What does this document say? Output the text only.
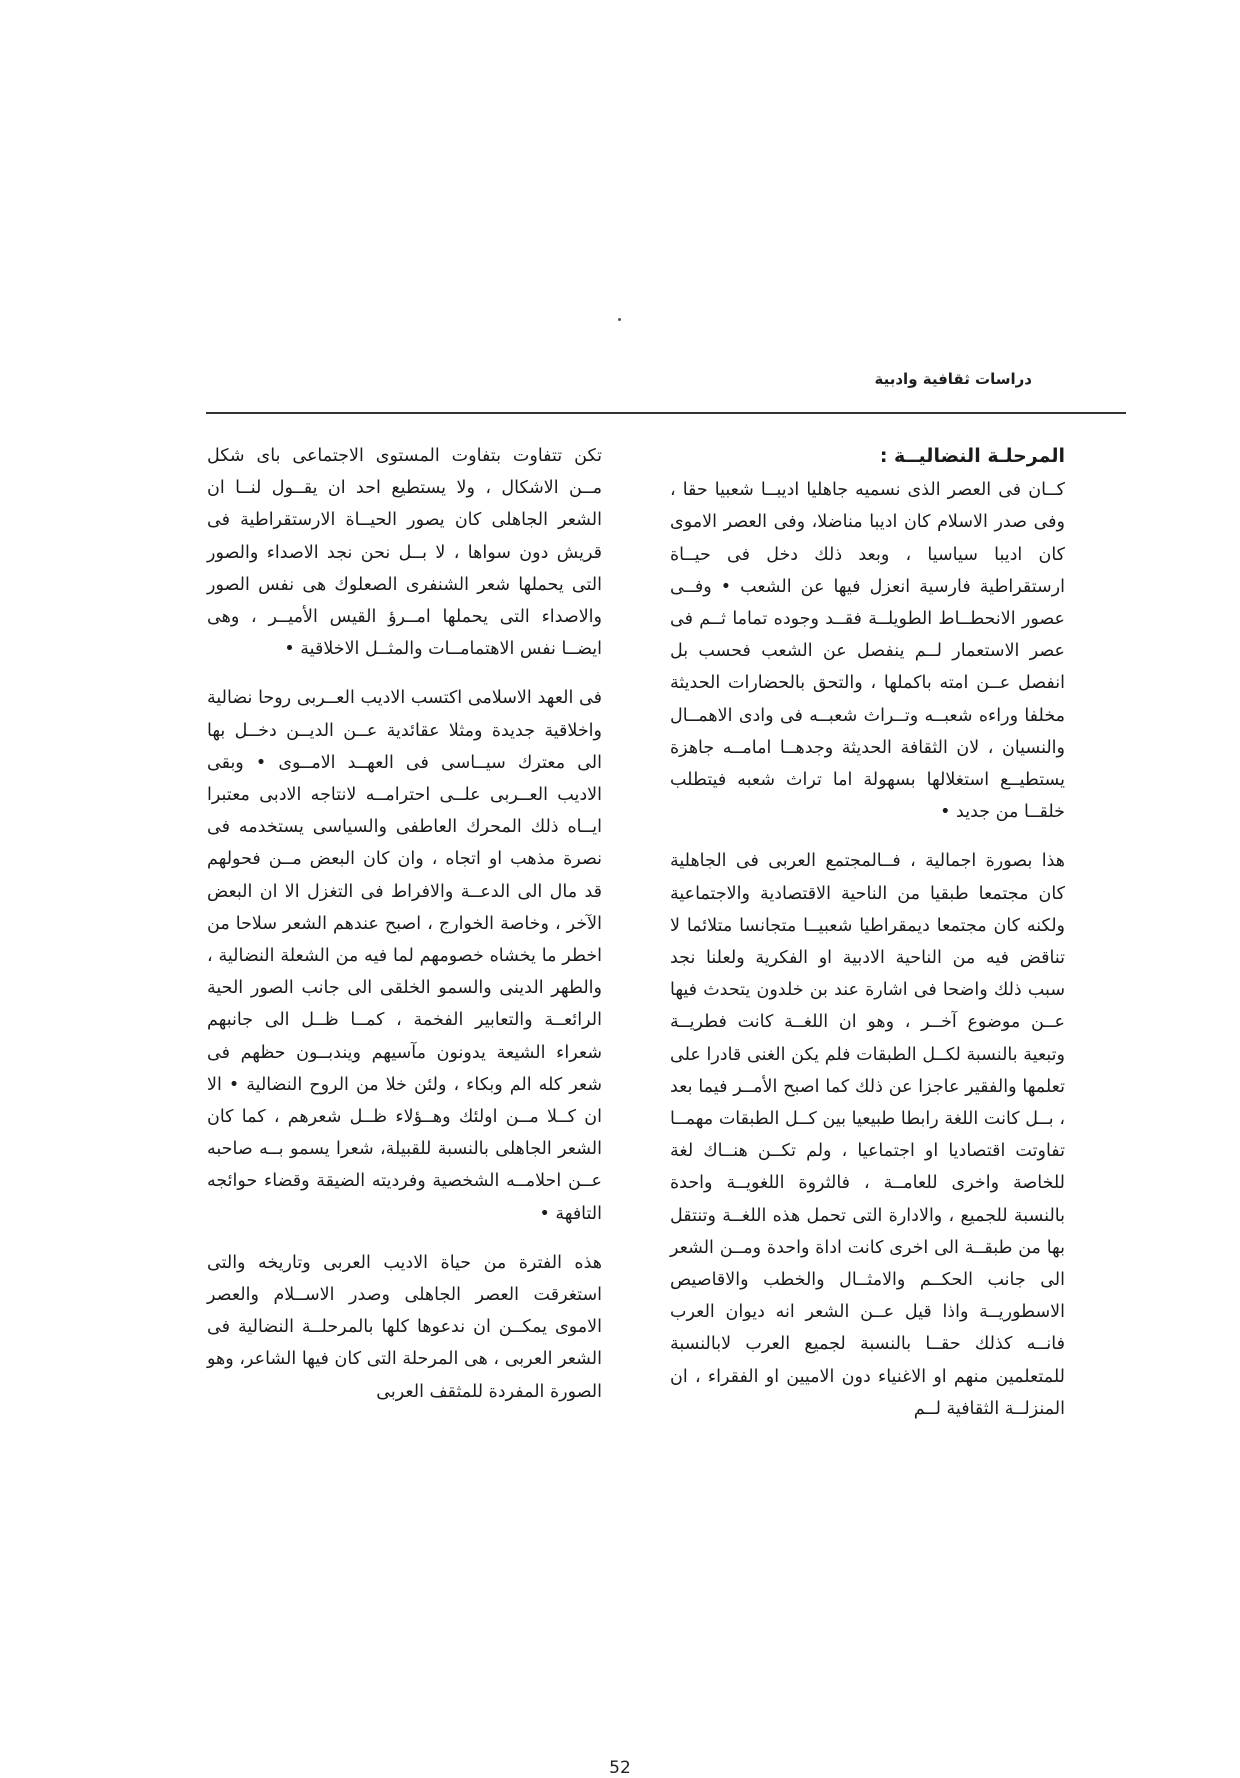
دراسات ثقافية وادبية
المرحلـة النضاليــة :

كــان فى العصر الذى نسميه جاهليا اديبــا شعبيا حقا ، وفى صدر الاسلام كان اديبا مناضلا، وفى العصر الاموى كان اديبا سياسيا ، وبعد ذلك دخل فى حيــاة ارستقراطية فارسية انعزل فيها عن الشعب • وفــى عصور الانحطــاط الطويلــة فقــد وجوده تماما ثــم فى عصر الاستعمار لــم ينفصل عن الشعب فحسب بل انفصل عــن امته باكملها ، والتحق بالحضارات الحديثة مخلفا وراءه شعبــه وتــراث شعبــه فى وادى الاهمــال والنسيان ، لان الثقافة الحديثة وجدهــا امامــه جاهزة يستطيــع استغلالها بسهولة اما تراث شعبه فيتطلب خلقــا من جديد •

هذا بصورة اجمالية ، فــالمجتمع العربى فى الجاهلية كان مجتمعا طبقيا من الناحية الاقتصادية والاجتماعية ولكنه كان مجتمعا ديمقراطيا شعبيــا متجانسا متلائما لا تناقض فيه من الناحية الادبية او الفكرية ولعلنا نجد سبب ذلك واضحا فى اشارة عند بن خلدون يتحدث فيها عــن موضوع آخــر ، وهو ان اللغــة كانت فطريــة وتبعية بالنسبة لكــل الطبقات فلم يكن الغنى قادرا على تعلمها والفقير عاجزا عن ذلك كما اصبح الأمــر فيما بعد ، بــل كانت اللغة رابطا طبيعيا بين كــل الطبقات مهمــا تفاوتت اقتصاديا او اجتماعيا ، ولم تكــن هنــاك لغة للخاصة واخرى للعامــة ، فالثروة اللغويــة واحدة بالنسبة للجميع ، والادارة التى تحمل هذه اللغــة وتنتقل بها من طبقــة الى اخرى كانت اداة واحدة ومــن الشعر الى جانب الحكــم والامثــال والخطب والاقاصيص الاسطوريــة واذا قيل عــن الشعر انه ديوان العرب فانــه كذلك حقــا بالنسبة لجميع العرب لابالنسبة للمتعلمين منهم او الاغنياء دون الاميين او الفقراء ، ان المنزلــة الثقافية لــم

تكن تتفاوت بتفاوت المستوى الاجتماعى باى شكل مــن الاشكال ، ولا يستطيع احد ان يقــول لنــا ان الشعر الجاهلى كان يصور الحيــاة الارستقراطية فى قريش دون سواها ، لا بــل نحن نجد الاصداء والصور التى يحملها شعر الشنفرى الصعلوك هى نفس الصور والاصداء التى يحملها امــرؤ القيس الأميــر ، وهى ايضــا نفس الاهتمامــات والمثــل الاخلاقية •

فى العهد الاسلامى اكتسب الاديب العــربى روحا نضالية واخلاقية جديدة ومثلا عقائدية عــن الديــن دخــل بها الى معترك سيــاسى فى العهــد الامــوى • وبقى الاديب العــربى علــى احترامــه لانتاجه الادبى معتبرا ايــاه ذلك المحرك العاطفى والسياسى يستخدمه فى نصرة مذهب او اتجاه ، وان كان البعض مــن فحولهم قد مال الى الدعــة والافراط فى التغزل الا ان البعض الآخر ، وخاصة الخوارج ، اصبح عندهم الشعر سلاحا من اخطر ما يخشاه خصومهم لما فيه من الشعلة النضالية ، والطهر الدينى والسمو الخلقى الى جانب الصور الحية الرائعــة والتعابير الفخمة ، كمــا ظــل الى جانبهم شعراء الشيعة يدونون مآسيهم ويندبــون حظهم فى شعر كله الم وبكاء ، ولئن خلا من الروح النضالية • الا ان كــلا مــن اولئك وهــؤلاء ظــل شعرهم ، كما كان الشعر الجاهلى بالنسبة للقبيلة، شعرا يسمو بــه صاحبه عــن احلامــه الشخصية وفرديته الضيقة وقضاء حوائجه التافهة •

هذه الفترة من حياة الاديب العربى وتاريخه والتى استغرقت العصر الجاهلى وصدر الاســلام والعصر الاموى يمكــن ان ندعوها كلها بالمرحلــة النضالية فى الشعر العربى ، هى المرحلة التى كان فيها الشاعر، وهو الصورة المفردة للمثقف العربى

52
